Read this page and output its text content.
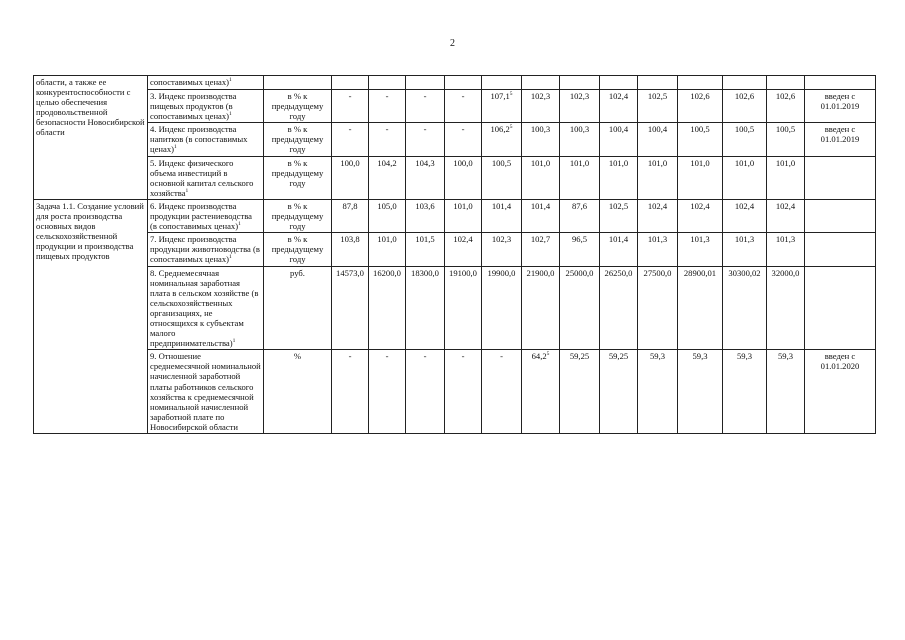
2
области, а также ее конкурентоспособности с целью обеспечения продовольственной безопасности Новосибирской области	сопоставимых ценах)$^1$														
	3. Индекс производства пищевых продуктов (в сопоставимых ценах)$^1$	в % к предыдущему году	-	-	-	-	107,1$^5$	102,3	102,3	102,4	102,5	102,6	102,6	102,6	введен с 01.01.2019
	4. Индекс производства напитков (в сопоставимых ценах)$^1$	в % к предыдущему году	-	-	-	-	106,2$^5$	100,3	100,3	100,4	100,4	100,5	100,5	100,5	введен с 01.01.2019
	5. Индекс физического объема инвестиций в основной капитал сельского хозяйства$^1$	в % к предыдущему году	100,0	104,2	104,3	100,0	100,5	101,0	101,0	101,0	101,0	101,0	101,0	101,0	
Задача 1.1. Создание условий для роста производства основных видов сельскохозяйственной продукции и производства пищевых продуктов	6. Индекс производства продукции растениеводства (в сопоставимых ценах)$^1$	в % к предыдущему году	87,8	105,0	103,6	101,0	101,4	101,4	87,6	102,5	102,4	102,4	102,4	102,4	
	7. Индекс производства продукции животноводства (в сопоставимых ценах)$^1$	в % к предыдущему году	103,8	101,0	101,5	102,4	102,3	102,7	96,5	101,4	101,3	101,3	101,3	101,3	
	8. Среднемесячная номинальная заработная плата в сельском хозяйстве (в сельскохозяйственных организациях, не относящихся к субъектам малого предпринимательства)$^1$	руб.	14573,0	16200,0	18300,0	19100,0	19900,0	21900,0	25000,0	26250,0	27500,0	28900,01	30300,02	32000,0	
	9. Отношение среднемесячной номинальной начисленной заработной платы работников сельского хозяйства к среднемесячной номинальной начисленной заработной плате по Новосибирской области	%	-	-	-	-	-	64,2$^5$	59,25	59,25	59,3	59,3	59,3	59,3	введен с 01.01.2020
